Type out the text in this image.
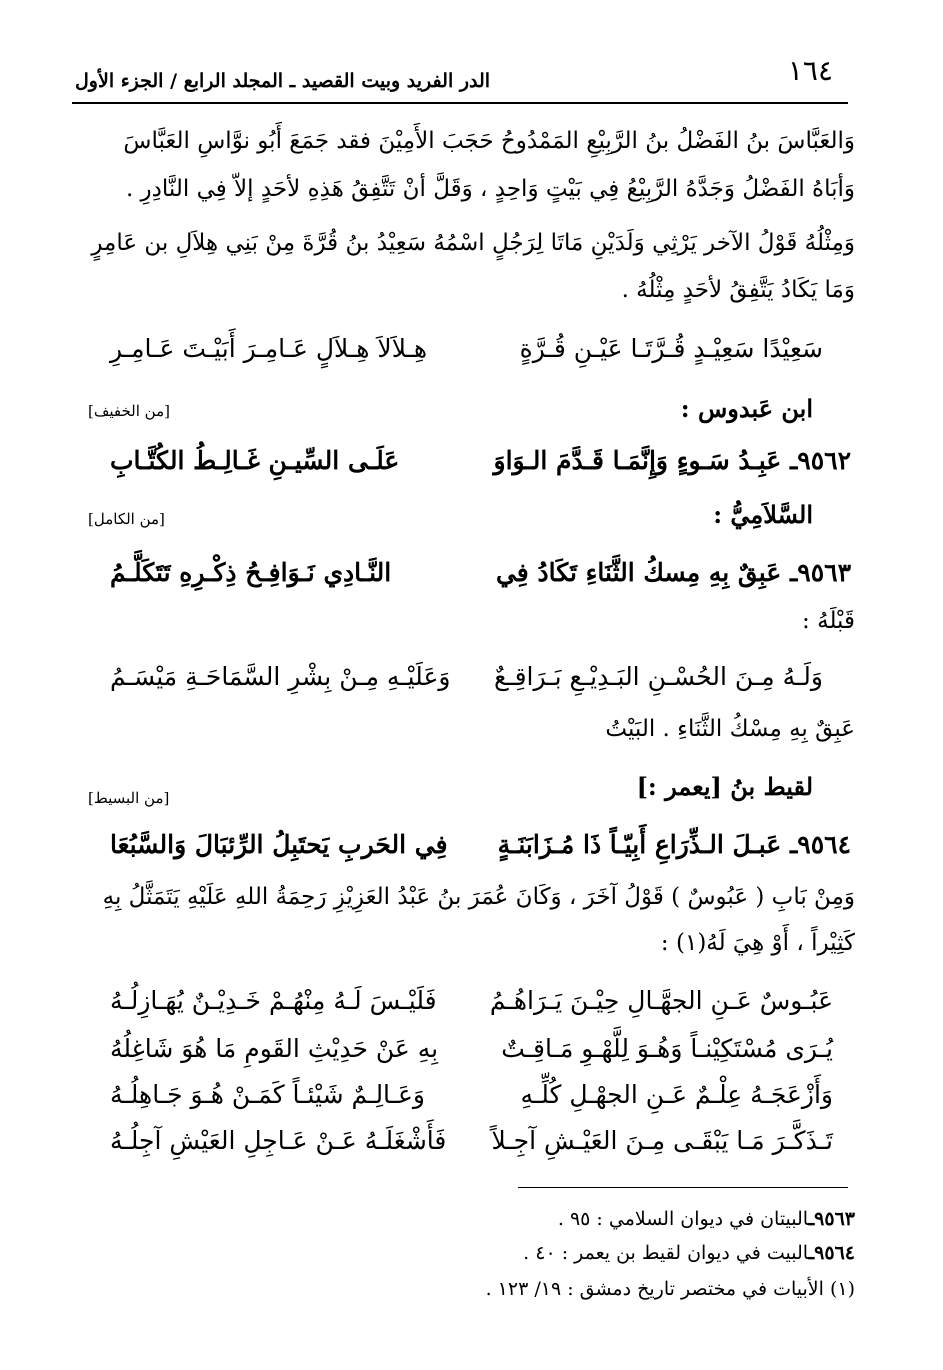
١٦٤
الدر الفريد وبيت القصيد ـ المجلد الرابع / الجزء الأول
وَالعَبَّاسَ بنُ الفَضْلُ بنُ الرَّبِيْعِ المَمْدُوحُ حَجَبَ الأَمِيْنَ فقد جَمَعَ أَبُو نوَّاسِ العَبَّاسَ
وَأبَاهُ الفَضْلُ وَجَدَّهُ الرَّبِيْعُ فِي بَيْتٍ وَاحِدٍ ، وَقَلَّ أنْ تَتَّفِقُ هَذِهِ لأحَدٍ إلاّ فِي النَّادِرِ .
وَمِثْلُهُ قَوْلُ الآخر يَرْثِي وَلَدَيْنِ مَاتَا لِرَجُلٍ اسْمُهُ سَعِيْدُ بنُ قُرَّةَ مِنْ بَنِي هِلاَلِ بن عَامِرٍ
وَمَا يَكَادُ يَتَّفِقُ لأحَدٍ مِثْلُهُ .
سَعِيْدًا سَعِيْـدٍ قُـرَّتَـا عَيْـنِ قُـرَّةٍ
هِـلاَلاَ هِـلاَلٍ عَـامِـرَ أَبَيْـتَ عَـامِـرِ
ابن عَبدوس :
[من الخفيف]
٩٥٦٢ـ عَبِـدُ سَـوءٍ وَإِنَّمَـا قَـدَّمَ الـوَاوَ
عَلَـى السِّيـنِ غَـالِـطُ الكُتَّـابِ
السَّلاَمِيُّ :
[من الكامل]
٩٥٦٣ـ عَبِقٌ بِهِ مِسكُ الثَّنَاءِ تَكَادُ فِي
النَّـادِي نَـوَافِـحُ ذِكْـرِهِ تَتَكَلَّـمُ
قَبْلَهُ :
وَلَـهُ مِـنَ الحُسْـنِ البَـدِيْـعِ بَـرَاقِـعٌ
وَعَلَيْـهِ مِـنْ بِشْرِ السَّمَاحَـةِ مَيْسَـمُ
عَبِقٌ بِهِ مِسْكُ الثَّنَاءِ . البَيْتُ
لقيط بنُ [يعمر :]
[من البسيط]
٩٥٦٤ـ عَبـلَ الـذِّرَاعِ أَبِيّـاً ذَا مُـزَابَنَـةٍ
فِي الحَربِ يَحتَبِلُ الرِّئبَالَ وَالسَّبُعَا
وَمِنْ بَابِ ( عَبُوسٌ ) قَوْلُ آخَرَ ، وَكَانَ عُمَرَ بنُ عَبْدُ العَزِيْزِ رَحِمَةُ اللهِ عَلَيْهِ يَتَمَثَّلُ بِهِ
كَثِيْراً ، أَوْ هِيَ لَهُ(١) :
عَبُـوسٌ عَـنِ الجهَّـالِ حِيْـنَ يَـرَاهُـمُ
فَلَيْـسَ لَـهُ مِنْهُـمْ خَـدِيْـنٌ يُهَـازِلُـهُ
يُـرَى مُسْتَكِيْنـاً وَهُـوَ لِلَّهْـوِ مَـاقِـتٌ
بِهِ عَنْ حَدِيْثِ القَومِ مَا هُوَ شَاغِلُهُ
وَأَزْعَجَـهُ عِلْـمٌ عَـنِ الجهْـلِ كُلِّـهِ
وَعَـالِـمٌ شَيْئـاً كَمَـنْ هُـوَ جَـاهِلُـهُ
تَـذَكَّـرَ مَـا يَبْقَـى مِـنَ العَيْـشِ آجِـلاً
فَأَشْغَلَـهُ عَـنْ عَـاجِلِ العَيْشِ آجِلُـهُ
٩٥٦٣ـالبيتان في ديوان السلامي : ٩٥ .
٩٥٦٤ـالبيت في ديوان لقيط بن يعمر : ٤٠ .
(١) الأبيات في مختصر تاريخ دمشق : ١٩/ ١٢٣ .
